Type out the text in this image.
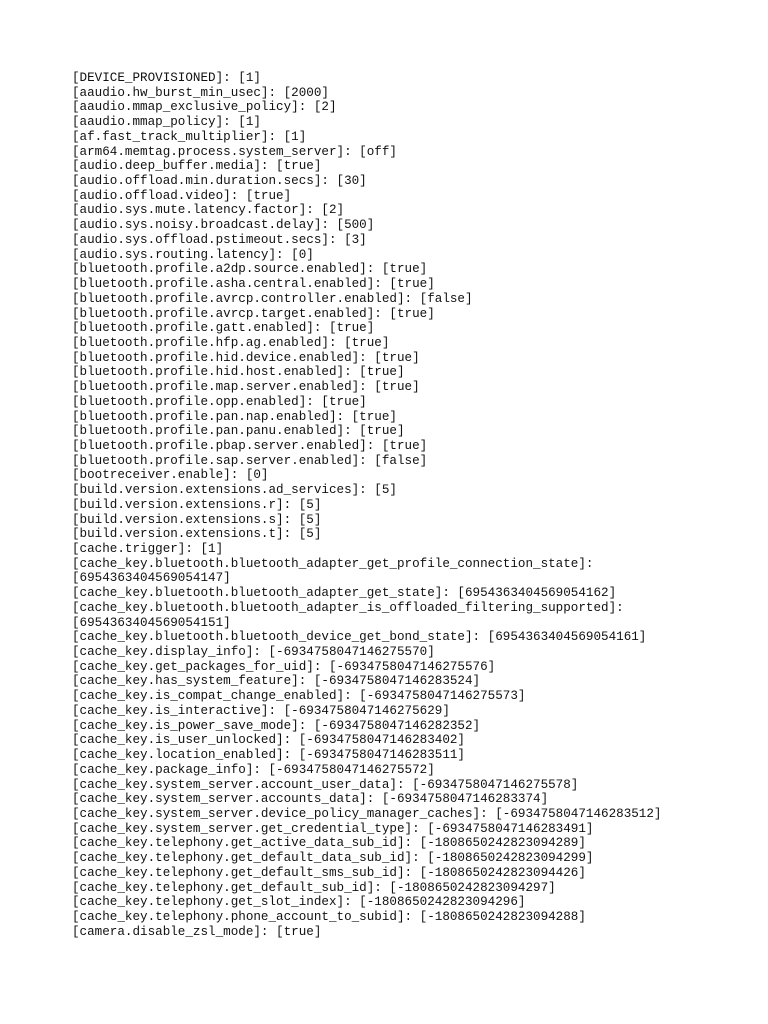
[DEVICE_PROVISIONED]: [1]
[aaudio.hw_burst_min_usec]: [2000]
[aaudio.mmap_exclusive_policy]: [2]
[aaudio.mmap_policy]: [1]
[af.fast_track_multiplier]: [1]
[arm64.memtag.process.system_server]: [off]
[audio.deep_buffer.media]: [true]
[audio.offload.min.duration.secs]: [30]
[audio.offload.video]: [true]
[audio.sys.mute.latency.factor]: [2]
[audio.sys.noisy.broadcast.delay]: [500]
[audio.sys.offload.pstimeout.secs]: [3]
[audio.sys.routing.latency]: [0]
[bluetooth.profile.a2dp.source.enabled]: [true]
[bluetooth.profile.asha.central.enabled]: [true]
[bluetooth.profile.avrcp.controller.enabled]: [false]
[bluetooth.profile.avrcp.target.enabled]: [true]
[bluetooth.profile.gatt.enabled]: [true]
[bluetooth.profile.hfp.ag.enabled]: [true]
[bluetooth.profile.hid.device.enabled]: [true]
[bluetooth.profile.hid.host.enabled]: [true]
[bluetooth.profile.map.server.enabled]: [true]
[bluetooth.profile.opp.enabled]: [true]
[bluetooth.profile.pan.nap.enabled]: [true]
[bluetooth.profile.pan.panu.enabled]: [true]
[bluetooth.profile.pbap.server.enabled]: [true]
[bluetooth.profile.sap.server.enabled]: [false]
[bootreceiver.enable]: [0]
[build.version.extensions.ad_services]: [5]
[build.version.extensions.r]: [5]
[build.version.extensions.s]: [5]
[build.version.extensions.t]: [5]
[cache.trigger]: [1]
[cache_key.bluetooth.bluetooth_adapter_get_profile_connection_state]:
[6954363404569054147]
[cache_key.bluetooth.bluetooth_adapter_get_state]: [6954363404569054162]
[cache_key.bluetooth.bluetooth_adapter_is_offloaded_filtering_supported]:
[6954363404569054151]
[cache_key.bluetooth.bluetooth_device_get_bond_state]: [6954363404569054161]
[cache_key.display_info]: [-6934758047146275570]
[cache_key.get_packages_for_uid]: [-6934758047146275576]
[cache_key.has_system_feature]: [-6934758047146283524]
[cache_key.is_compat_change_enabled]: [-6934758047146275573]
[cache_key.is_interactive]: [-6934758047146275629]
[cache_key.is_power_save_mode]: [-6934758047146282352]
[cache_key.is_user_unlocked]: [-6934758047146283402]
[cache_key.location_enabled]: [-6934758047146283511]
[cache_key.package_info]: [-6934758047146275572]
[cache_key.system_server.account_user_data]: [-6934758047146275578]
[cache_key.system_server.accounts_data]: [-6934758047146283374]
[cache_key.system_server.device_policy_manager_caches]: [-6934758047146283512]
[cache_key.system_server.get_credential_type]: [-6934758047146283491]
[cache_key.telephony.get_active_data_sub_id]: [-1808650242823094289]
[cache_key.telephony.get_default_data_sub_id]: [-1808650242823094299]
[cache_key.telephony.get_default_sms_sub_id]: [-1808650242823094426]
[cache_key.telephony.get_default_sub_id]: [-1808650242823094297]
[cache_key.telephony.get_slot_index]: [-1808650242823094296]
[cache_key.telephony.phone_account_to_subid]: [-1808650242823094288]
[camera.disable_zsl_mode]: [true]
